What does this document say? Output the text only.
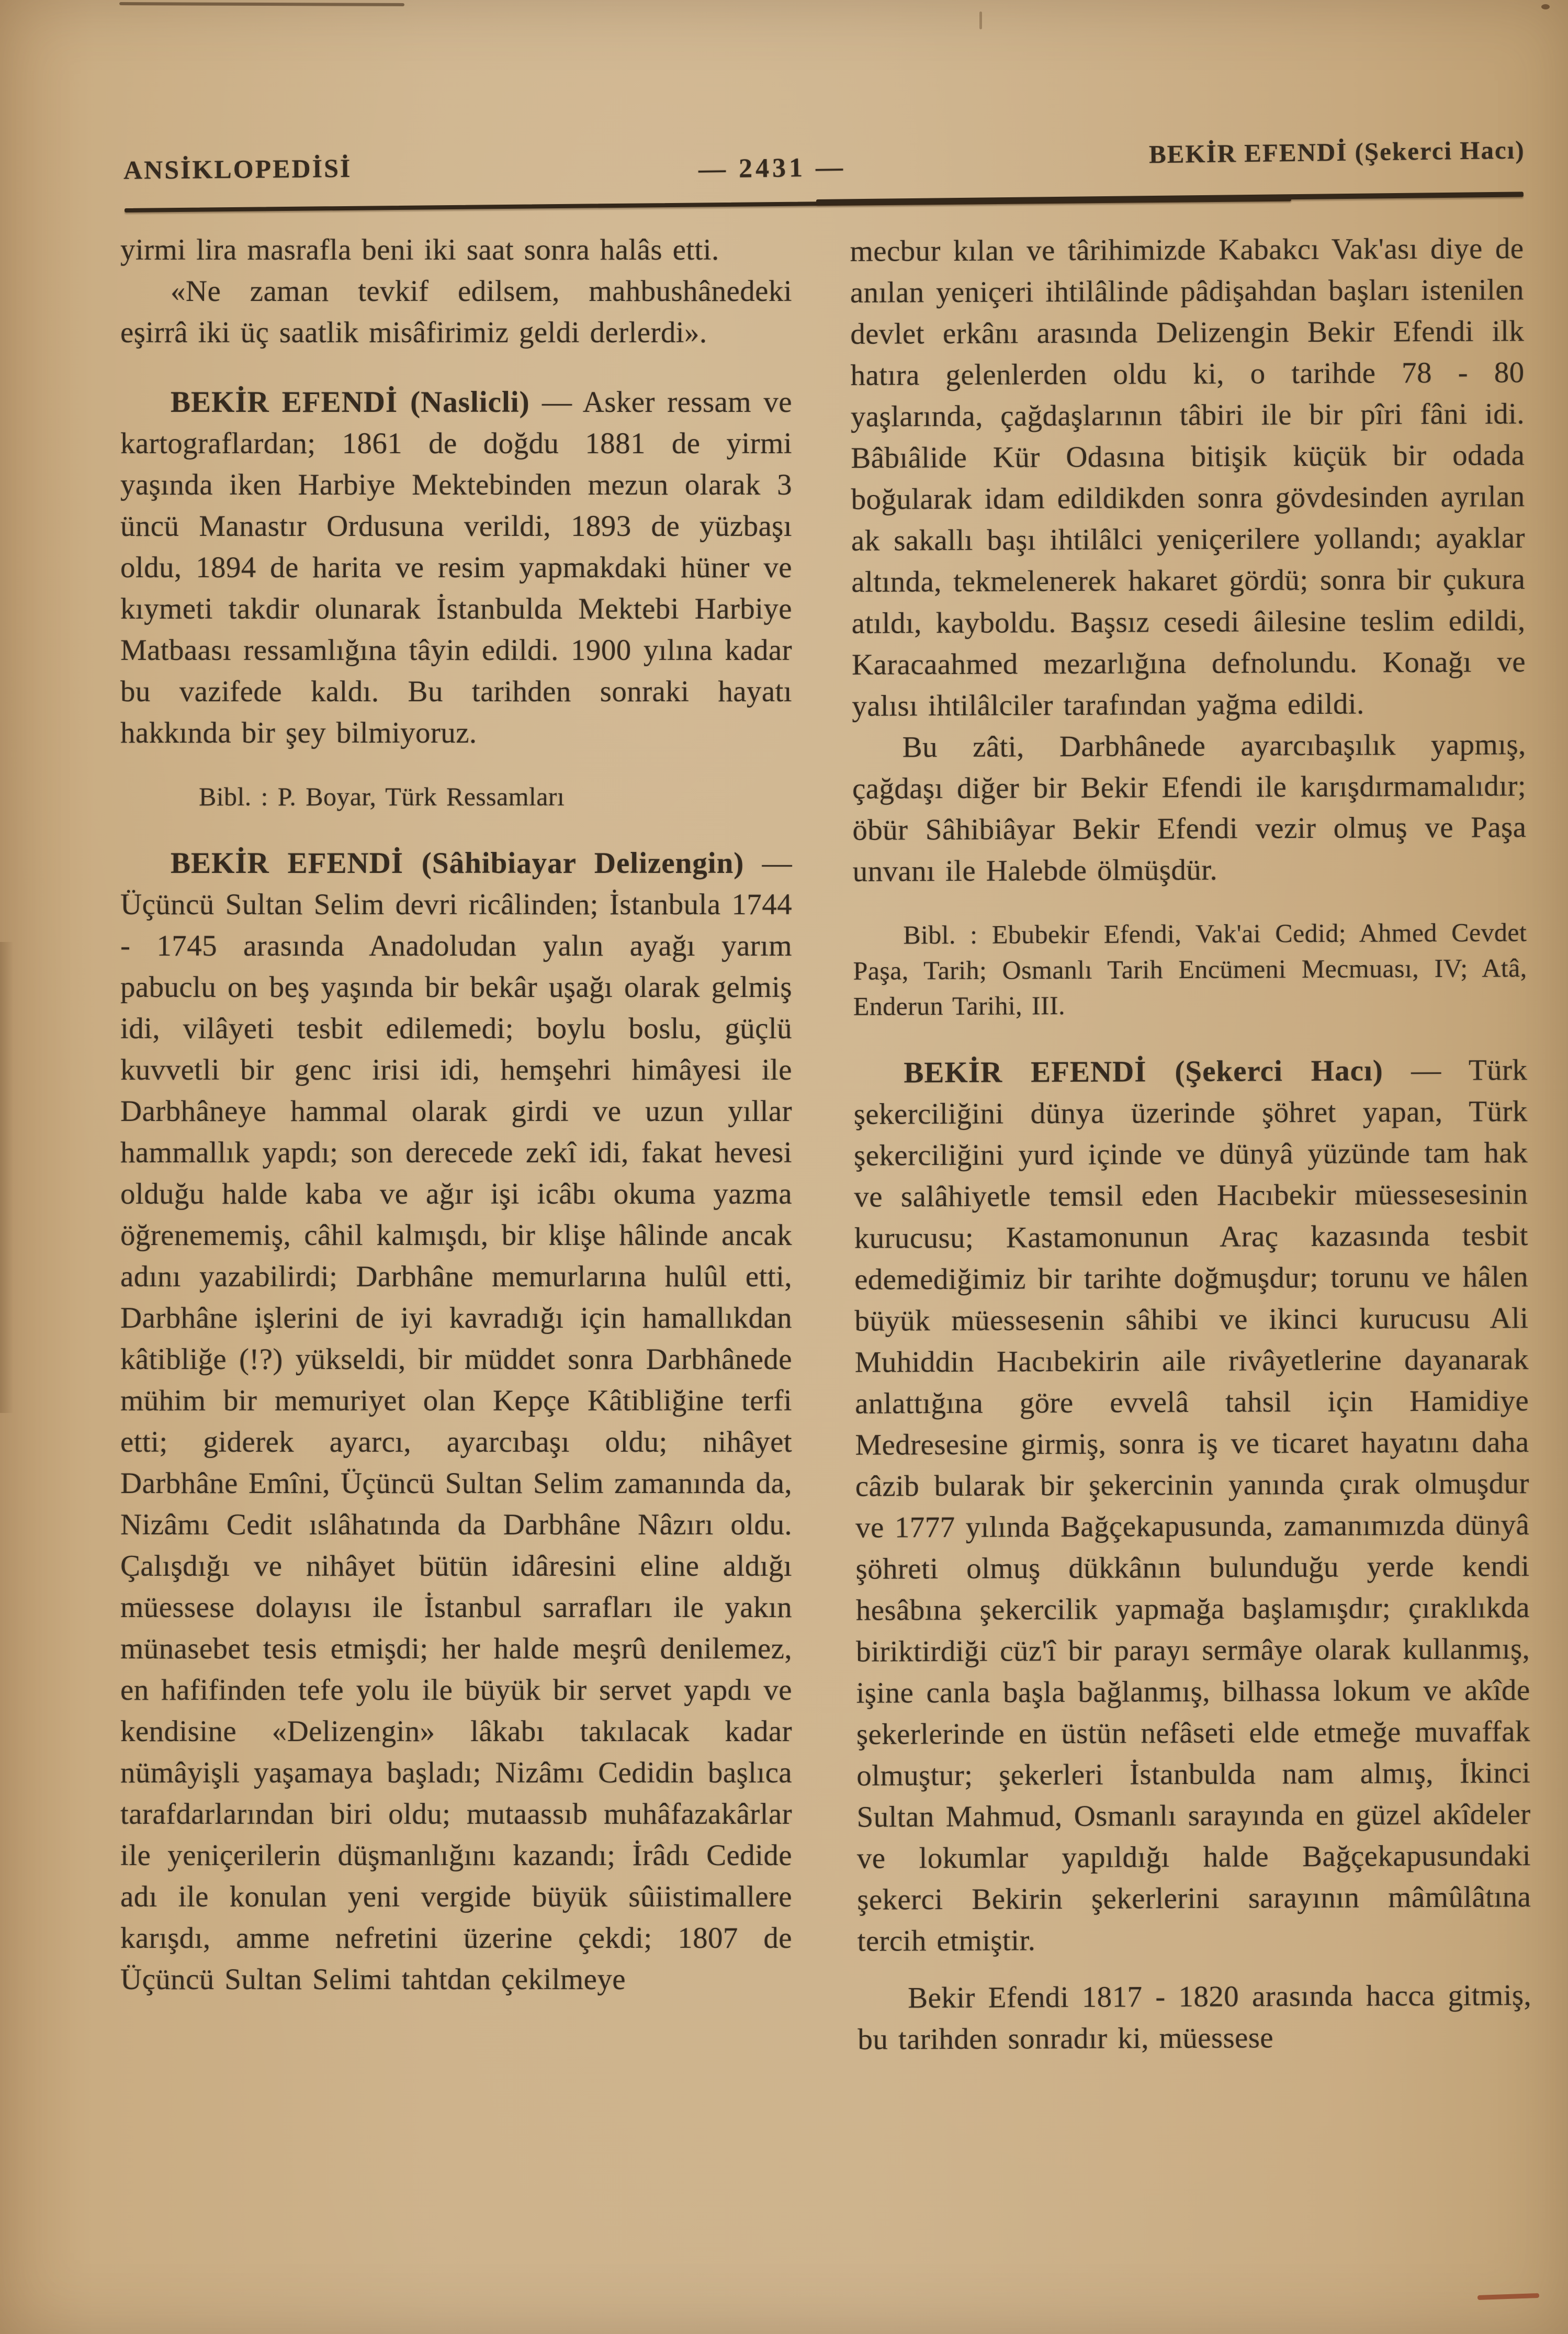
ANSİKLOPEDİSİ	— 2431 —	BEKİR EFENDİ (Şekerci Hacı)

yirmi lira masrafla beni iki saat sonra halâs etti.

«Ne zaman tevkif edilsem, mahbushânedeki eşirrâ iki üç saatlik misâfirimiz geldi derlerdi».

BEKİR EFENDİ (Naslicli) — Asker ressam ve kartograflardan; 1861 de doğdu 1881 de yirmi yaşında iken Harbiye Mektebinden mezun olarak 3 üncü Manastır Ordusuna verildi, 1893 de yüzbaşı oldu, 1894 de harita ve resim yapmakdaki hüner ve kıymeti takdir olunarak İstanbulda Mektebi Harbiye Matbaası ressamlığına tâyin edildi. 1900 yılına kadar bu vazifede kaldı. Bu tarihden sonraki hayatı hakkında bir şey bilmiyoruz.

Bibl. : P. Boyar, Türk Ressamları

BEKİR EFENDİ (Sâhibiayar Delizengin) — Üçüncü Sultan Selim devri ricâlinden; İstanbula 1744 - 1745 arasında Anadoludan yalın ayağı yarım pabuclu on beş yaşında bir bekâr uşağı olarak gelmiş idi, vilâyeti tesbit edilemedi; boylu boslu, güçlü kuvvetli bir genc irisi idi, hemşehri himâyesi ile Darbhâneye hammal olarak girdi ve uzun yıllar hammallık yapdı; son derecede zekî idi, fakat hevesi olduğu halde kaba ve ağır işi icâbı okuma yazma öğrenememiş, câhil kalmışdı, bir klişe hâlinde ancak adını yazabilirdi; Darbhâne memurlarına hulûl etti, Darbhâne işlerini de iyi kavradığı için hamallıkdan kâtibliğe (!?) yükseldi, bir müddet sonra Darbhânede mühim bir memuriyet olan Kepçe Kâtibliğine terfi etti; giderek ayarcı, ayarcıbaşı oldu; nihâyet Darbhâne Emîni, Üçüncü Sultan Selim zamanında da, Nizâmı Cedit ıslâhatında da Darbhâne Nâzırı oldu. Çalışdığı ve nihâyet bütün idâresini eline aldığı müessese dolayısı ile İstanbul sarrafları ile yakın münasebet tesis etmişdi; her halde meşrû denilemez, en hafifinden tefe yolu ile büyük bir servet yapdı ve kendisine «Delizengin» lâkabı takılacak kadar nümâyişli yaşamaya başladı; Nizâmı Cedidin başlıca tarafdarlarından biri oldu; mutaassıb muhâfazakârlar ile yeniçerilerin düşmanlığını kazandı; İrâdı Cedide adı ile konulan yeni vergide büyük sûiistimallere karışdı, amme nefretini üzerine çekdi; 1807 de Üçüncü Sultan Selimi tahtdan çekilmeye

mecbur kılan ve târihimizde Kabakcı Vak'ası diye de anılan yeniçeri ihtilâlinde pâdişahdan başları istenilen devlet erkânı arasında Delizengin Bekir Efendi ilk hatıra gelenlerden oldu ki, o tarihde 78 - 80 yaşlarında, çağdaşlarının tâbiri ile bir pîri fâni idi. Bâbıâlide Kür Odasına bitişik küçük bir odada boğularak idam edildikden sonra gövdesinden ayrılan ak sakallı başı ihtilâlci yeniçerilere yollandı; ayaklar altında, tekmelenerek hakaret gördü; sonra bir çukura atıldı, kayboldu. Başsız cesedi âilesine teslim edildi, Karacaahmed mezarlığına defnolundu. Konağı ve yalısı ihtilâlciler tarafından yağma edildi.

Bu zâti, Darbhânede ayarcıbaşılık yapmış, çağdaşı diğer bir Bekir Efendi ile karışdırmamalıdır; öbür Sâhibiâyar Bekir Efendi vezir olmuş ve Paşa unvanı ile Halebde ölmüşdür.

Bibl. : Ebubekir Efendi, Vak'ai Cedid; Ahmed Cevdet Paşa, Tarih; Osmanlı Tarih Encümeni Mecmuası, IV; Atâ, Enderun Tarihi, III.

BEKİR EFENDİ (Şekerci Hacı) — Türk şekerciliğini dünya üzerinde şöhret yapan, Türk şekerciliğini yurd içinde ve dünyâ yüzünde tam hak ve salâhiyetle temsil eden Hacıbekir müessesesinin kurucusu; Kastamonunun Araç kazasında tesbit edemediğimiz bir tarihte doğmuşdur; torunu ve hâlen büyük müessesenin sâhibi ve ikinci kurucusu Ali Muhiddin Hacıbekirin aile rivâyetlerine dayanarak anlattığına göre evvelâ tahsil için Hamidiye Medresesine girmiş, sonra iş ve ticaret hayatını daha câzib bularak bir şekercinin yanında çırak olmuşdur ve 1777 yılında Bağçekapusunda, zamanımızda dünyâ şöhreti olmuş dükkânın bulunduğu yerde kendi hesâbına şekercilik yapmağa başlamışdır; çıraklıkda biriktirdiği cüz'î bir parayı sermâye olarak kullanmış, işine canla başla bağlanmış, bilhassa lokum ve akîde şekerlerinde en üstün nefâseti elde etmeğe muvaffak olmuştur; şekerleri İstanbulda nam almış, İkinci Sultan Mahmud, Osmanlı sarayında en güzel akîdeler ve lokumlar yapıldığı halde Bağçekapusundaki şekerci Bekirin şekerlerini sarayının mâmûlâtına tercih etmiştir.

Bekir Efendi 1817 - 1820 arasında hacca gitmiş, bu tarihden sonradır ki, müessese
